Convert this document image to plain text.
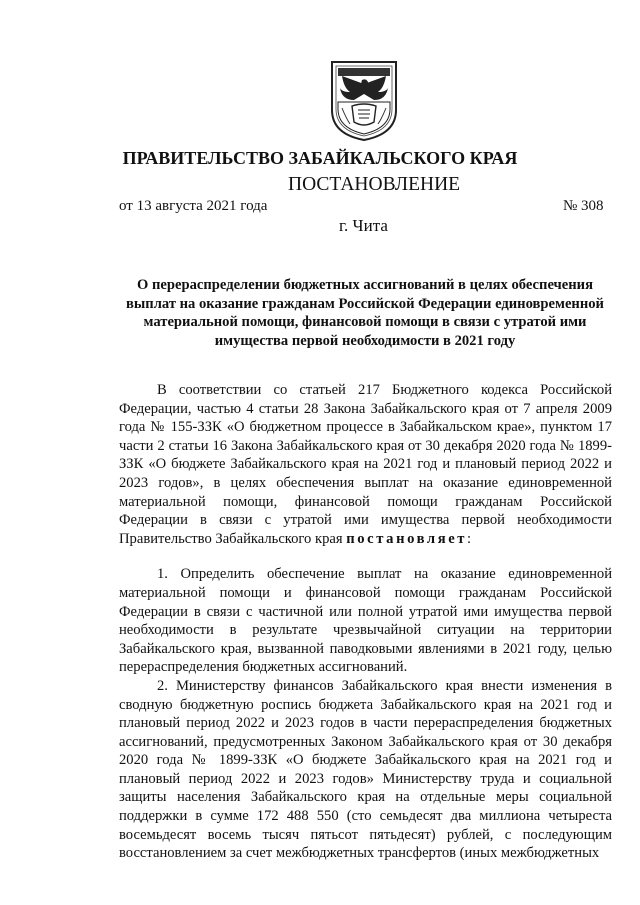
ПРАВИТЕЛЬСТВО ЗАБАЙКАЛЬСКОГО КРАЯ
ПОСТАНОВЛЕНИЕ
от 13 августа 2021 года	№ 308
г. Чита
О перераспределении бюджетных ассигнований в целях обеспечения выплат на оказание гражданам Российской Федерации единовременной материальной помощи, финансовой помощи в связи с утратой ими имущества первой необходимости в 2021 году

В соответствии со статьей 217 Бюджетного кодекса Российской Федерации, частью 4 статьи 28 Закона Забайкальского края от 7 апреля 2009 года № 155-ЗЗК «О бюджетном процессе в Забайкальском крае», пунктом 17 части 2 статьи 16 Закона Забайкальского края от 30 декабря 2020 года № 1899-ЗЗК «О бюджете Забайкальского края на 2021 год и плановый период 2022 и 2023 годов», в целях обеспечения выплат на оказание единовременной материальной помощи, финансовой помощи гражданам Российской Федерации в связи с утратой ими имущества первой необходимости Правительство Забайкальского края постановляет:

1. Определить обеспечение выплат на оказание единовременной материальной помощи и финансовой помощи гражданам Российской Федерации в связи с частичной или полной утратой ими имущества первой необходимости в результате чрезвычайной ситуации на территории Забайкальского края, вызванной паводковыми явлениями в 2021 году, целью перераспределения бюджетных ассигнований.

2. Министерству финансов Забайкальского края внести изменения в сводную бюджетную роспись бюджета Забайкальского края на 2021 год и плановый период 2022 и 2023 годов в части перераспределения бюджетных ассигнований, предусмотренных Законом Забайкальского края от 30 декабря 2020 года № 1899-ЗЗК «О бюджете Забайкальского края на 2021 год и плановый период 2022 и 2023 годов» Министерству труда и социальной защиты населения Забайкальского края на отдельные меры социальной поддержки в сумме 172 488 550 (сто семьдесят два миллиона четыреста восемьдесят восемь тысяч пятьсот пятьдесят) рублей, с последующим восстановлением за счет межбюджетных трансфертов (иных межбюджетных
